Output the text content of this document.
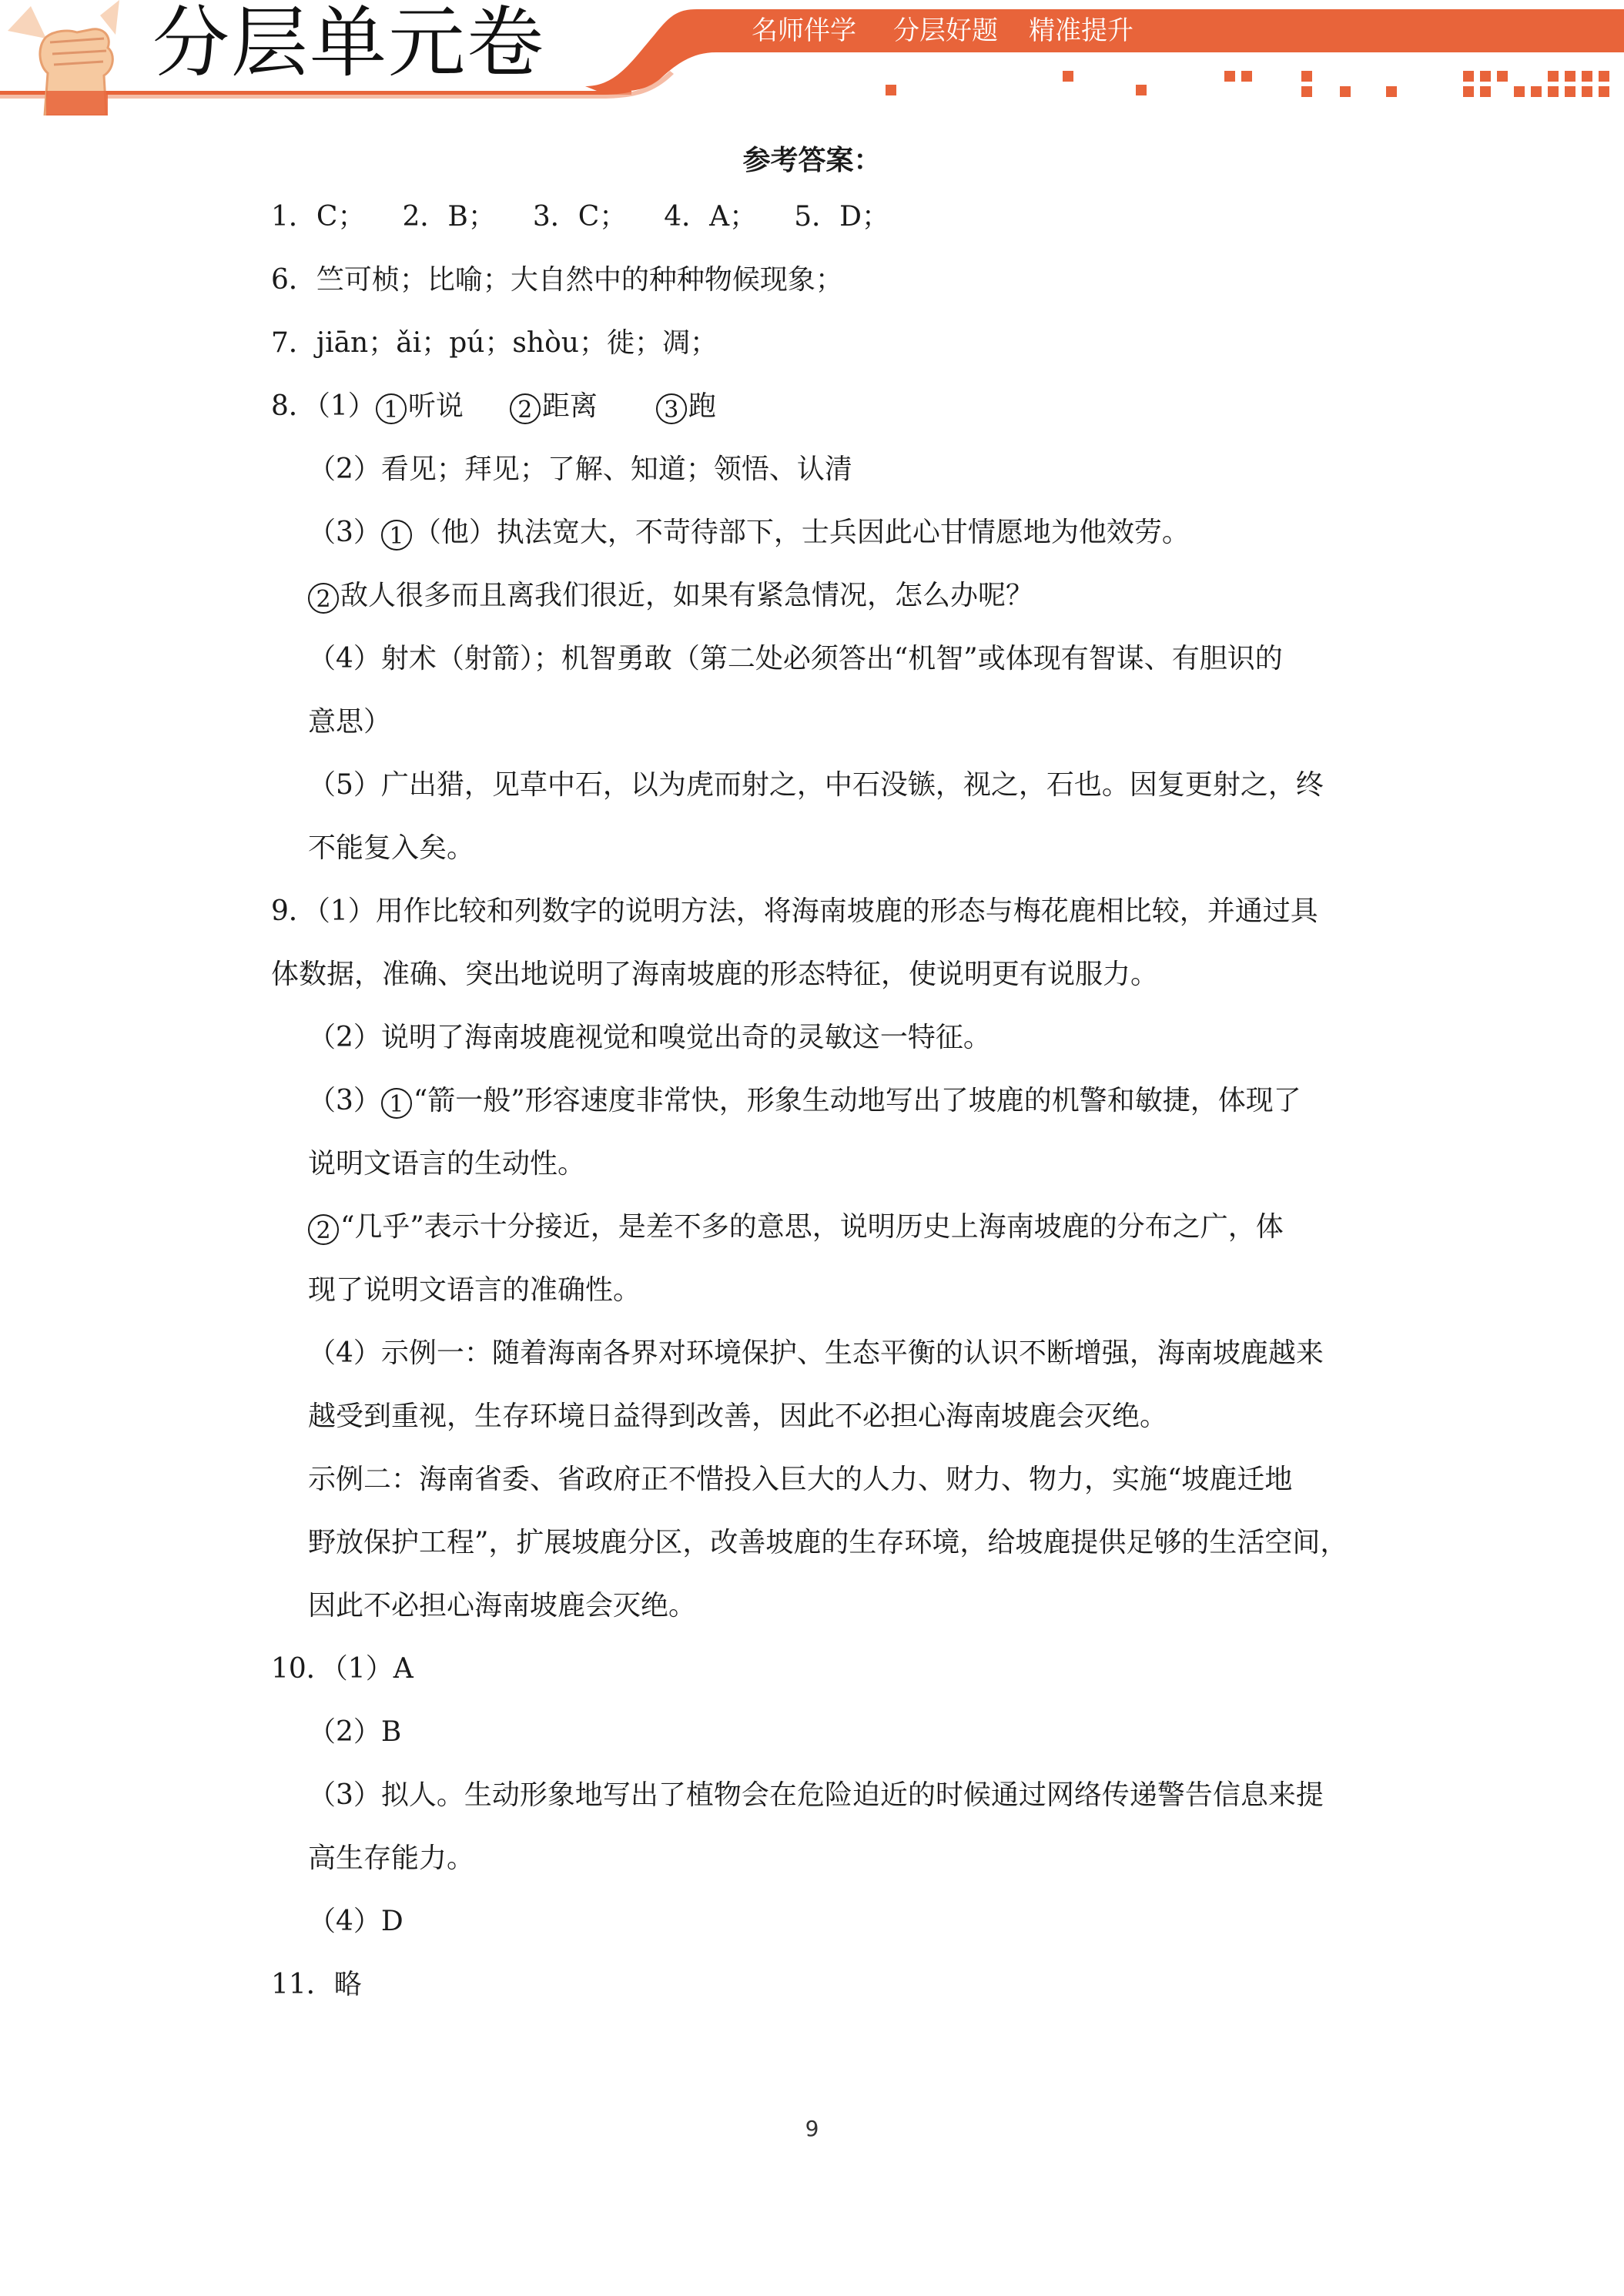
分层单元卷	名师伴学 分层好题 精准提升
参考答案：
1．C； 2．B； 3．C； 4．A； 5．D；
6．竺可桢；比喻；大自然中的种种物候现象；
7．jiān；ǎi；pú；shòu；徙；凋；
8．（1） 1 听说 2 距离	3 跑
（2）看见；拜见；了解、知道；领悟、认清
（3） 1 （他）执法宽大，不苛待部下，士兵因此心甘情愿地为他效劳。
2 敌人很多而且离我们很近，如果有紧急情况，怎么办呢？
（4）射术（射箭）；机智勇敢（第二处必须答出“机智”或体现有智谋、有胆识的
意思）
（5）广出猎，见草中石，以为虎而射之，中石没镞，视之，石也。因复更射之，终
不能复入矣。
9．（1）用作比较和列数字的说明方法，将海南坡鹿的形态与梅花鹿相比较，并通过具
体数据，准确、突出地说明了海南坡鹿的形态特征，使说明更有说服力。
（2）说明了海南坡鹿视觉和嗅觉出奇的灵敏这一特征。
（3） 1 “箭一般”形容速度非常快，形象生动地写出了坡鹿的机警和敏捷，体现了
说明文语言的生动性。
2 “几乎”表示十分接近，是差不多的意思，说明历史上海南坡鹿的分布之广，体
现了说明文语言的准确性。
（4）示例一：随着海南各界对环境保护、生态平衡的认识不断增强，海南坡鹿越来
越受到重视，生存环境日益得到改善，因此不必担心海南坡鹿会灭绝。
示例二：海南省委、省政府正不惜投入巨大的人力、财力、物力，实施“坡鹿迁地
野放保护工程”，扩展坡鹿分区，改善坡鹿的生存环境，给坡鹿提供足够的生活空间，
因此不必担心海南坡鹿会灭绝。
10．（1）A
（2）B
（3）拟人。生动形象地写出了植物会在危险迫近的时候通过网络传递警告信息来提
高生存能力。
（4）D
11．略
9
